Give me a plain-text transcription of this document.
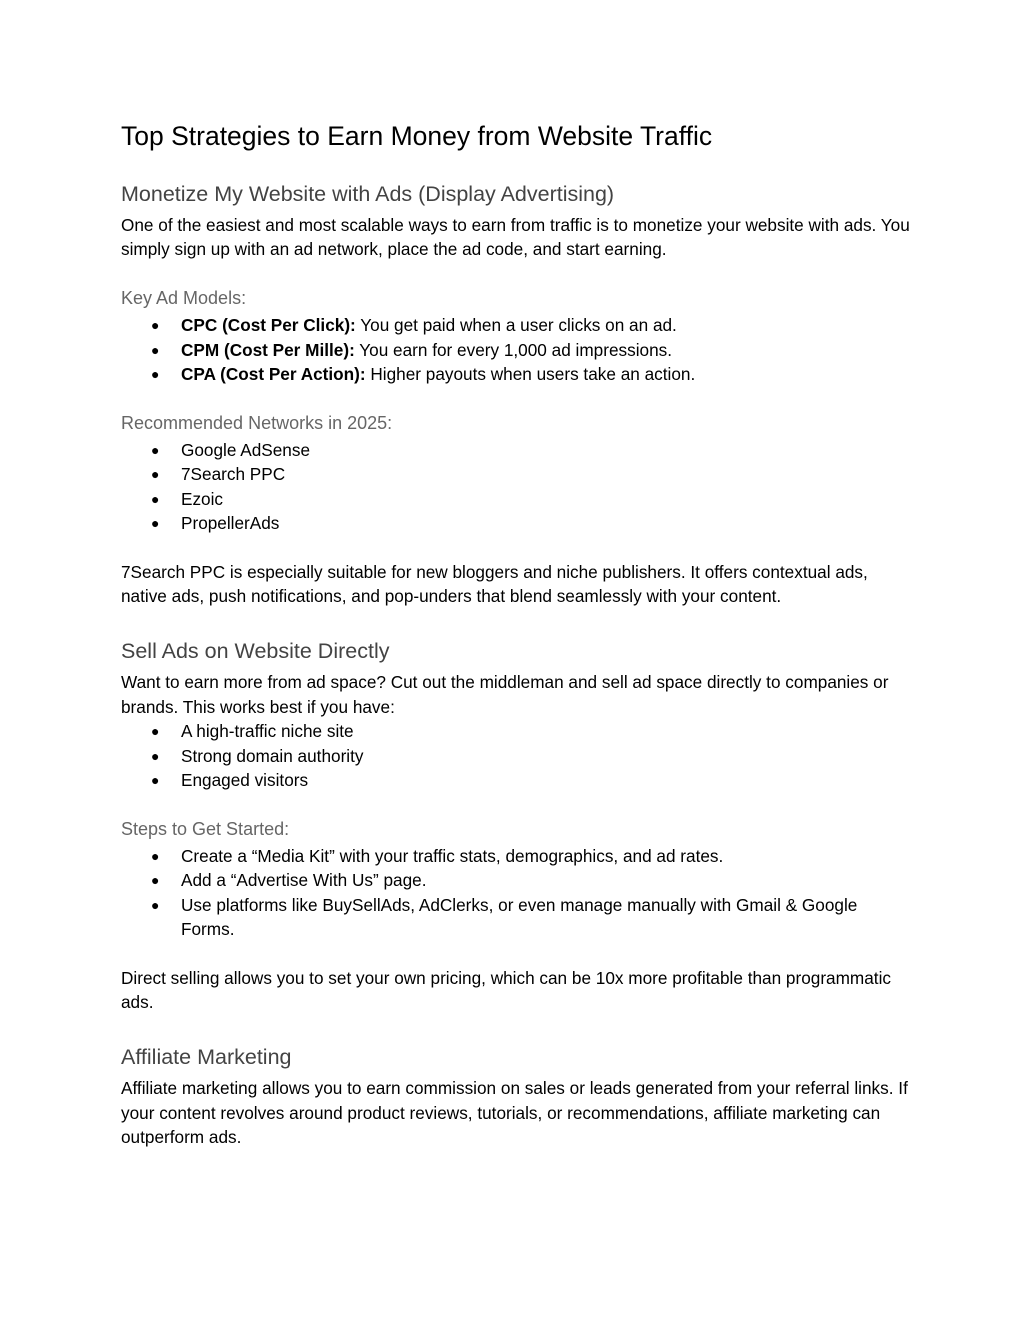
Top Strategies to Earn Money from Website Traffic
Monetize My Website with Ads (Display Advertising)

One of the easiest and most scalable ways to earn from traffic is to monetize your website with ads. You simply sign up with an ad network, place the ad code, and start earning.

Key Ad Models:
● CPC (Cost Per Click): You get paid when a user clicks on an ad.
● CPM (Cost Per Mille): You earn for every 1,000 ad impressions.
● CPA (Cost Per Action): Higher payouts when users take an action.
Recommended Networks in 2025:
● Google AdSense
● 7Search PPC
● Ezoic
● PropellerAds

7Search PPC is especially suitable for new bloggers and niche publishers. It offers contextual ads, native ads, push notifications, and pop-unders that blend seamlessly with your content.

Sell Ads on Website Directly

Want to earn more from ad space? Cut out the middleman and sell ad space directly to companies or brands. This works best if you have:

● A high-traffic niche site
● Strong domain authority
● Engaged visitors
Steps to Get Started:
● Create a “Media Kit” with your traffic stats, demographics, and ad rates.
● Add a “Advertise With Us” page.
● Use platforms like BuySellAds, AdClerks, or even manage manually with Gmail & Google Forms.

Direct selling allows you to set your own pricing, which can be 10x more profitable than programmatic ads.

Affiliate Marketing

Affiliate marketing allows you to earn commission on sales or leads generated from your referral links. If your content revolves around product reviews, tutorials, or recommendations, affiliate marketing can outperform ads.
